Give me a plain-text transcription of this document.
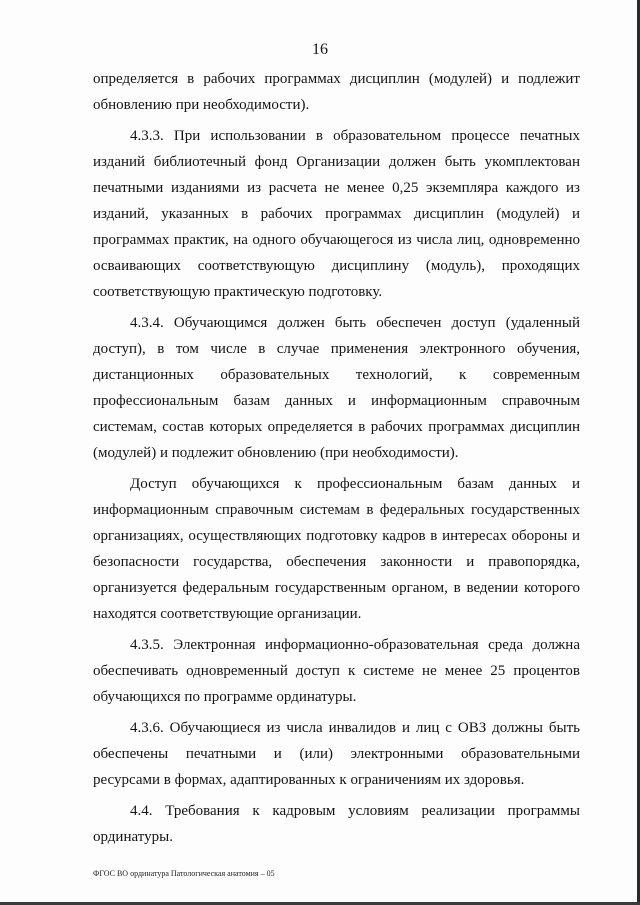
16

определяется в рабочих программах дисциплин (модулей) и подлежит обновлению при необходимости).

4.3.3. При использовании в образовательном процессе печатных изданий библиотечный фонд Организации должен быть укомплектован печатными изданиями из расчета не менее 0,25 экземпляра каждого из изданий, указанных в рабочих программах дисциплин (модулей) и программах практик, на одного обучающегося из числа лиц, одновременно осваивающих соответствующую дисциплину (модуль), проходящих соответствующую практическую подготовку.

4.3.4. Обучающимся должен быть обеспечен доступ (удаленный доступ), в том числе в случае применения электронного обучения, дистанционных образовательных технологий, к современным профессиональным базам данных и информационным справочным системам, состав которых определяется в рабочих программах дисциплин (модулей) и подлежит обновлению (при необходимости).

Доступ обучающихся к профессиональным базам данных и информационным справочным системам в федеральных государственных организациях, осуществляющих подготовку кадров в интересах обороны и безопасности государства, обеспечения законности и правопорядка, организуется федеральным государственным органом, в ведении которого находятся соответствующие организации.

4.3.5. Электронная информационно-образовательная среда должна обеспечивать одновременный доступ к системе не менее 25 процентов обучающихся по программе ординатуры.

4.3.6. Обучающиеся из числа инвалидов и лиц с ОВЗ должны быть обеспечены печатными и (или) электронными образовательными ресурсами в формах, адаптированных к ограничениям их здоровья.

4.4. Требования к кадровым условиям реализации программы ординатуры.

ФГОС ВО ординатура Патологическая анатомия – 05
